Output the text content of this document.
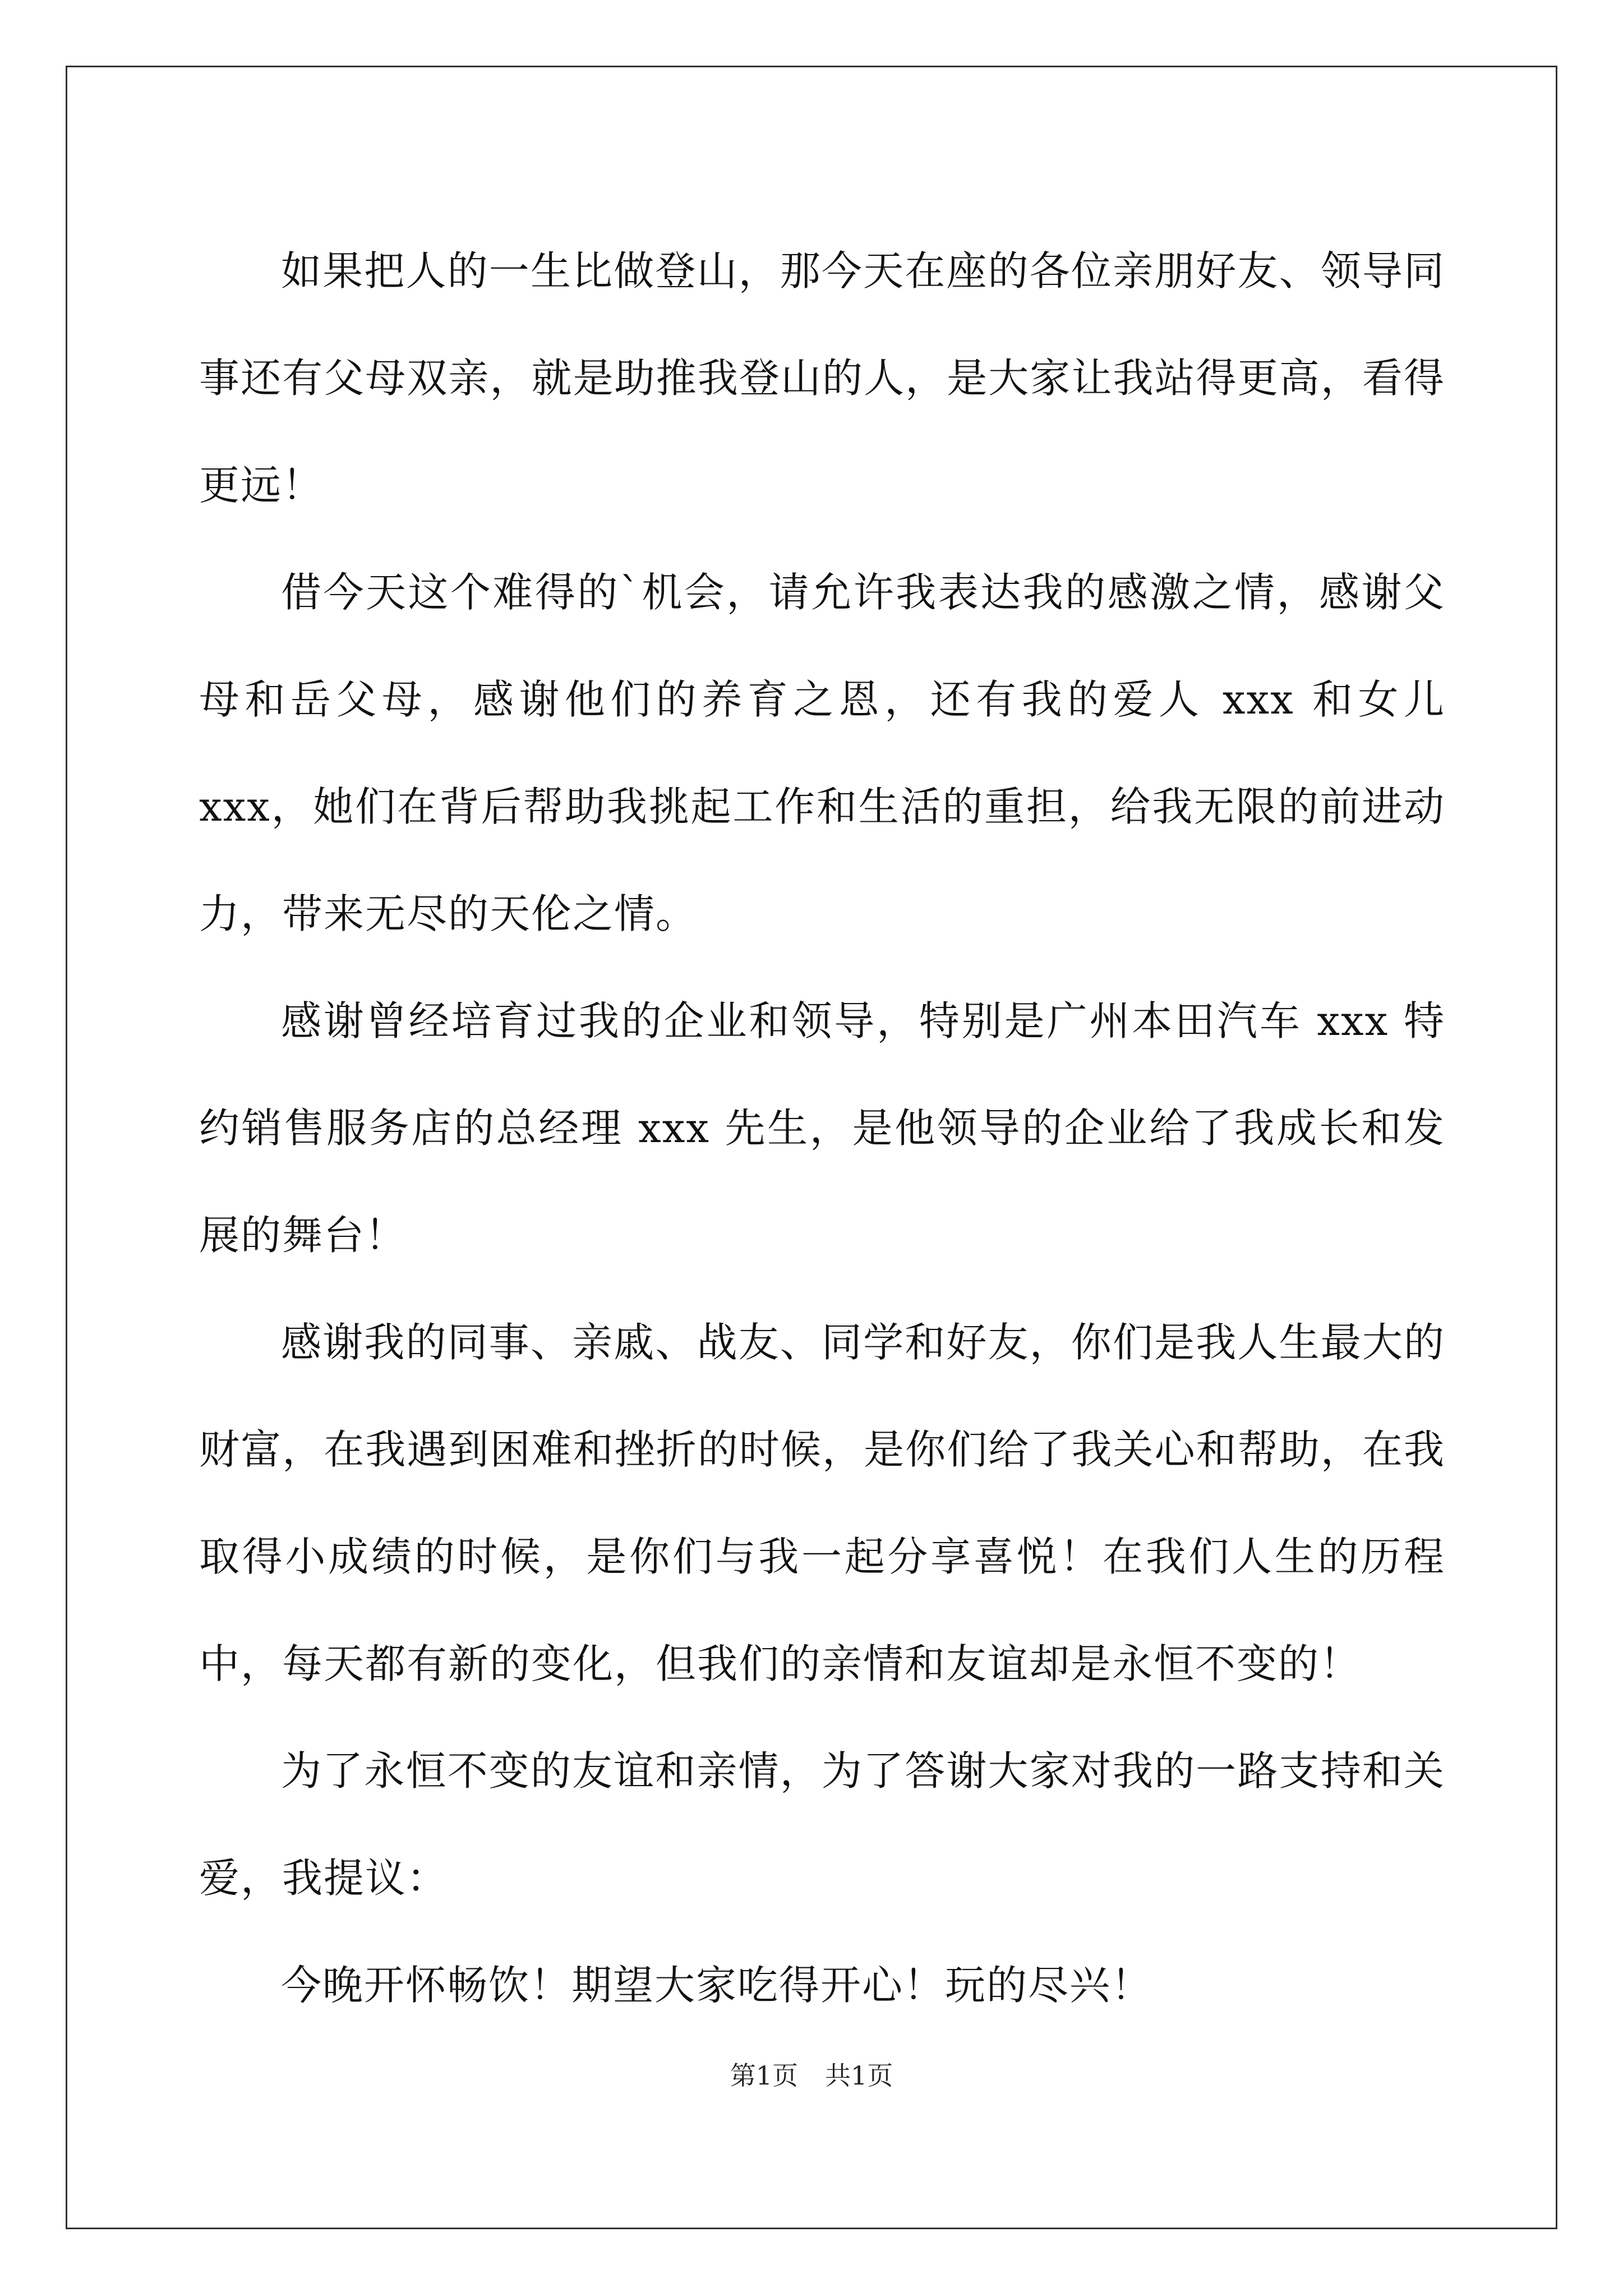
如果把人的一生比做登山，那今天在座的各位亲朋好友、领导同事还有父母双亲，就是助推我登山的人，是大家让我站得更高，看得更远！

借今天这个难得的`机会，请允许我表达我的感激之情，感谢父母和岳父母，感谢他们的养育之恩，还有我的爱人 xxx 和女儿 xxx，她们在背后帮助我挑起工作和生活的重担，给我无限的前进动力，带来无尽的天伦之情。

感谢曾经培育过我的企业和领导，特别是广州本田汽车 xxx 特约销售服务店的总经理 xxx 先生，是他领导的企业给了我成长和发展的舞台！

感谢我的同事、亲戚、战友、同学和好友，你们是我人生最大的财富，在我遇到困难和挫折的时候，是你们给了我关心和帮助，在我取得小成绩的时候，是你们与我一起分享喜悦！在我们人生的历程中，每天都有新的变化，但我们的亲情和友谊却是永恒不变的！

为了永恒不变的友谊和亲情，为了答谢大家对我的一路支持和关爱，我提议：

今晚开怀畅饮！期望大家吃得开心！玩的尽兴！

第1页 共1页
